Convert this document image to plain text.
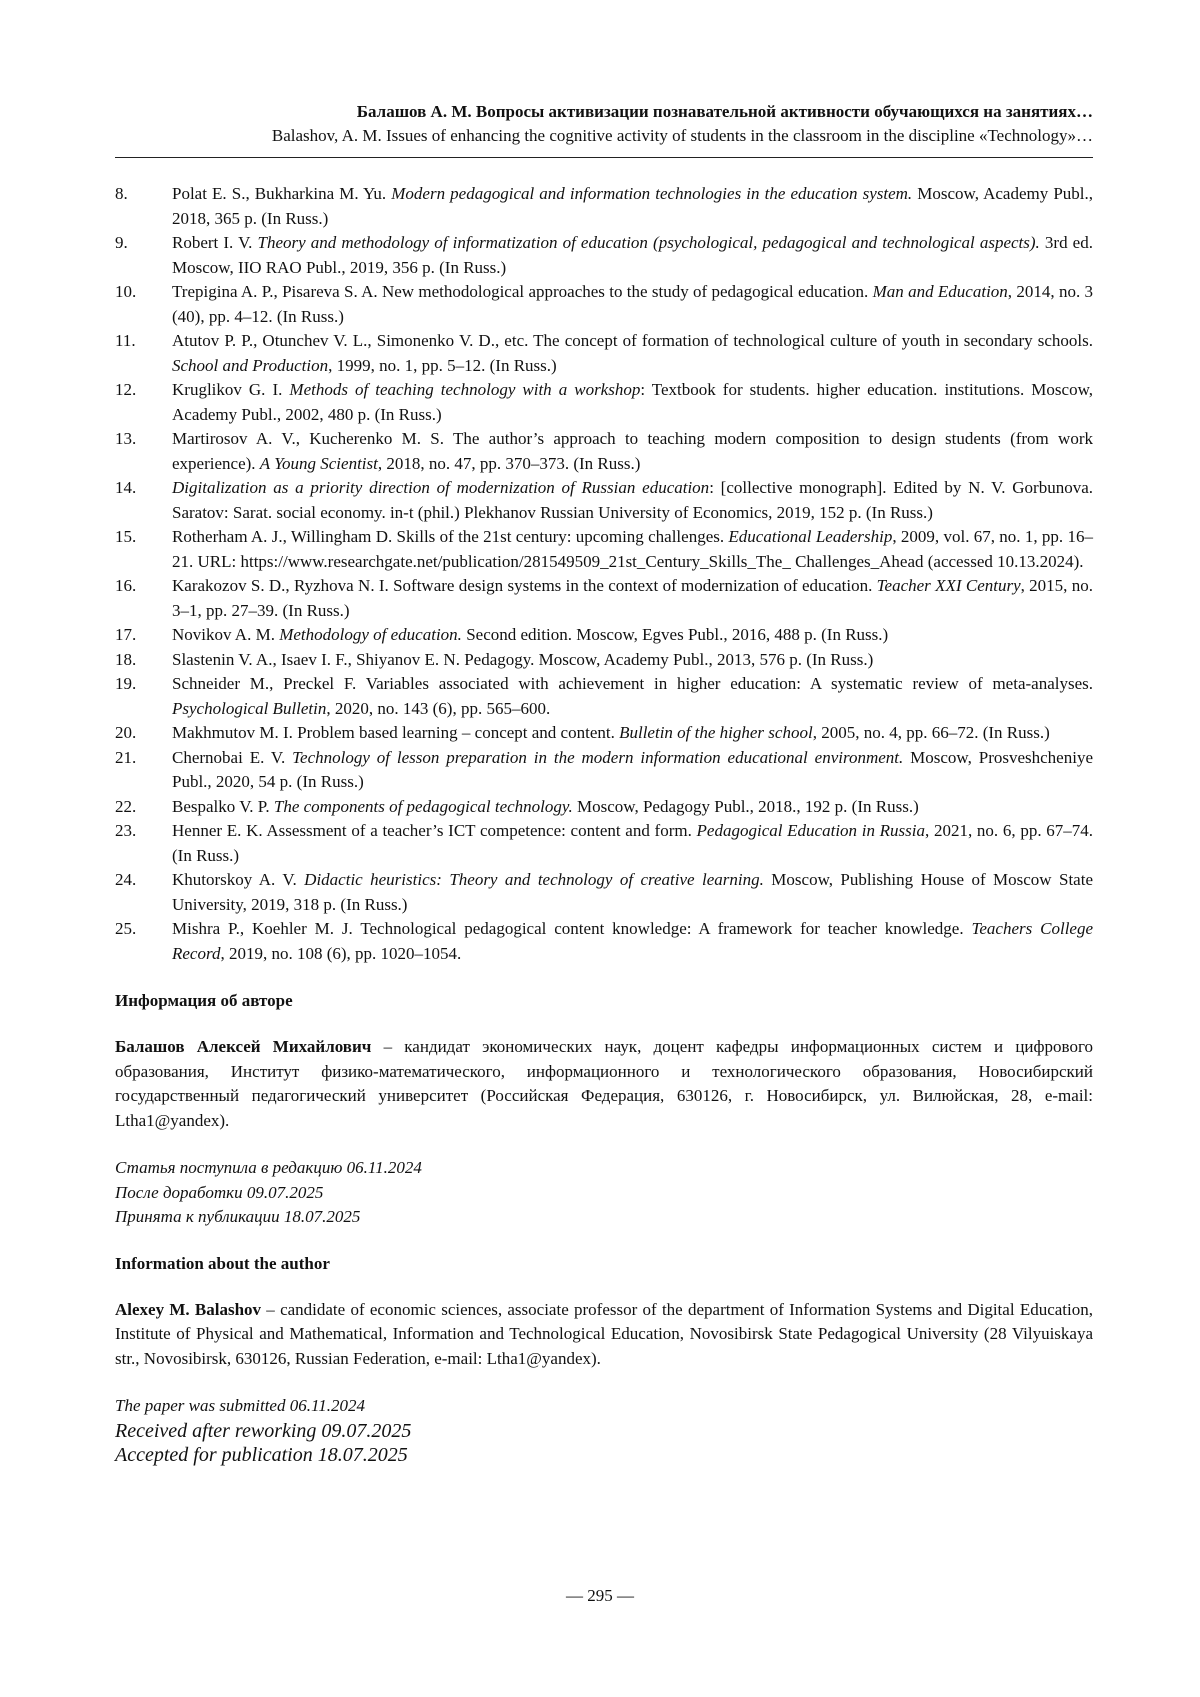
Балашов А. М. Вопросы активизации познавательной активности обучающихся на занятиях…
Balashov, A. M. Issues of enhancing the cognitive activity of students in the classroom in the discipline «Technology»…
8.	Polat E. S., Bukharkina M. Yu. Modern pedagogical and information technologies in the education system. Moscow, Academy Publ., 2018, 365 p. (In Russ.)
9.	Robert I. V. Theory and methodology of informatization of education (psychological, pedagogical and technological aspects). 3rd ed. Moscow, IIO RAO Publ., 2019, 356 p. (In Russ.)
10. Trepigina A. P., Pisareva S. A. New methodological approaches to the study of pedagogical education. Man and Education, 2014, no. 3 (40), pp. 4–12. (In Russ.)
11. Atutov P. P., Otunchev V. L., Simonenko V. D., etc. The concept of formation of technological culture of youth in secondary schools. School and Production, 1999, no. 1, pp. 5–12. (In Russ.)
12. Kruglikov G. I. Methods of teaching technology with a workshop: Textbook for students. higher education. institutions. Moscow, Academy Publ., 2002, 480 p. (In Russ.)
13. Martirosov A. V., Kucherenko M. S. The author’s approach to teaching modern composition to design students (from work experience). A Young Scientist, 2018, no. 47, pp. 370–373. (In Russ.)
14. Digitalization as a priority direction of modernization of Russian education: [collective monograph]. Edited by N. V. Gorbunova. Saratov: Sarat. social economy. in-t (phil.) Plekhanov Russian University of Economics, 2019, 152 p. (In Russ.)
15. Rotherham A. J., Willingham D. Skills of the 21st century: upcoming challenges. Educational Leadership, 2009, vol. 67, no. 1, pp. 16–21. URL: https://www.researchgate.net/publication/281549509_21st_Century_Skills_The_ Challenges_Ahead (accessed 10.13.2024).
16. Karakozov S. D., Ryzhova N. I. Software design systems in the context of modernization of education. Teacher XXI Century, 2015, no. 3–1, pp. 27–39. (In Russ.)
17. Novikov A. M. Methodology of education. Second edition. Moscow, Egves Publ., 2016, 488 p. (In Russ.)
18. Slastenin V. A., Isaev I. F., Shiyanov E. N. Pedagogy. Moscow, Academy Publ., 2013, 576 p. (In Russ.)
19. Schneider M., Preckel F. Variables associated with achievement in higher education: A systematic review of meta-analyses. Psychological Bulletin, 2020, no. 143 (6), pp. 565–600.
20. Makhmutov M. I. Problem based learning – concept and content. Bulletin of the higher school, 2005, no. 4, pp. 66–72. (In Russ.)
21. Chernobai E. V. Technology of lesson preparation in the modern information educational environment. Moscow, Prosveshcheniye Publ., 2020, 54 p. (In Russ.)
22. Bespalko V. P. The components of pedagogical technology. Moscow, Pedagogy Publ., 2018., 192 p. (In Russ.)
23. Henner E. K. Assessment of a teacher’s ICT competence: content and form. Pedagogical Education in Russia, 2021, no. 6, pp. 67–74. (In Russ.)
24. Khutorskoy A. V. Didactic heuristics: Theory and technology of creative learning. Moscow, Publishing House of Moscow State University, 2019, 318 p. (In Russ.)
25. Mishra P., Koehler M. J. Technological pedagogical content knowledge: A framework for teacher knowledge. Teachers College Record, 2019, no. 108 (6), pp. 1020–1054.
Информация об авторе
Балашов Алексей Михайлович – кандидат экономических наук, доцент кафедры информационных систем и цифрового образования, Институт физико-математического, информационного и технологического образования, Новосибирский государственный педагогический университет (Российская Федерация, 630126, г. Новосибирск, ул. Вилюйская, 28, e-mail: Ltha1@yandex).
Статья поступила в редакцию 06.11.2024
После доработки 09.07.2025
Принята к публикации 18.07.2025
Information about the author
Alexey M. Balashov – candidate of economic sciences, associate professor of the department of Information Systems and Digital Education, Institute of Physical and Mathematical, Information and Technological Education, Novosibirsk State Pedagogical University (28 Vilyuiskaya str., Novosibirsk, 630126, Russian Federation, e-mail: Ltha1@yandex).
The paper was submitted 06.11.2024
Received after reworking 09.07.2025
Accepted for publication 18.07.2025
— 295 —
